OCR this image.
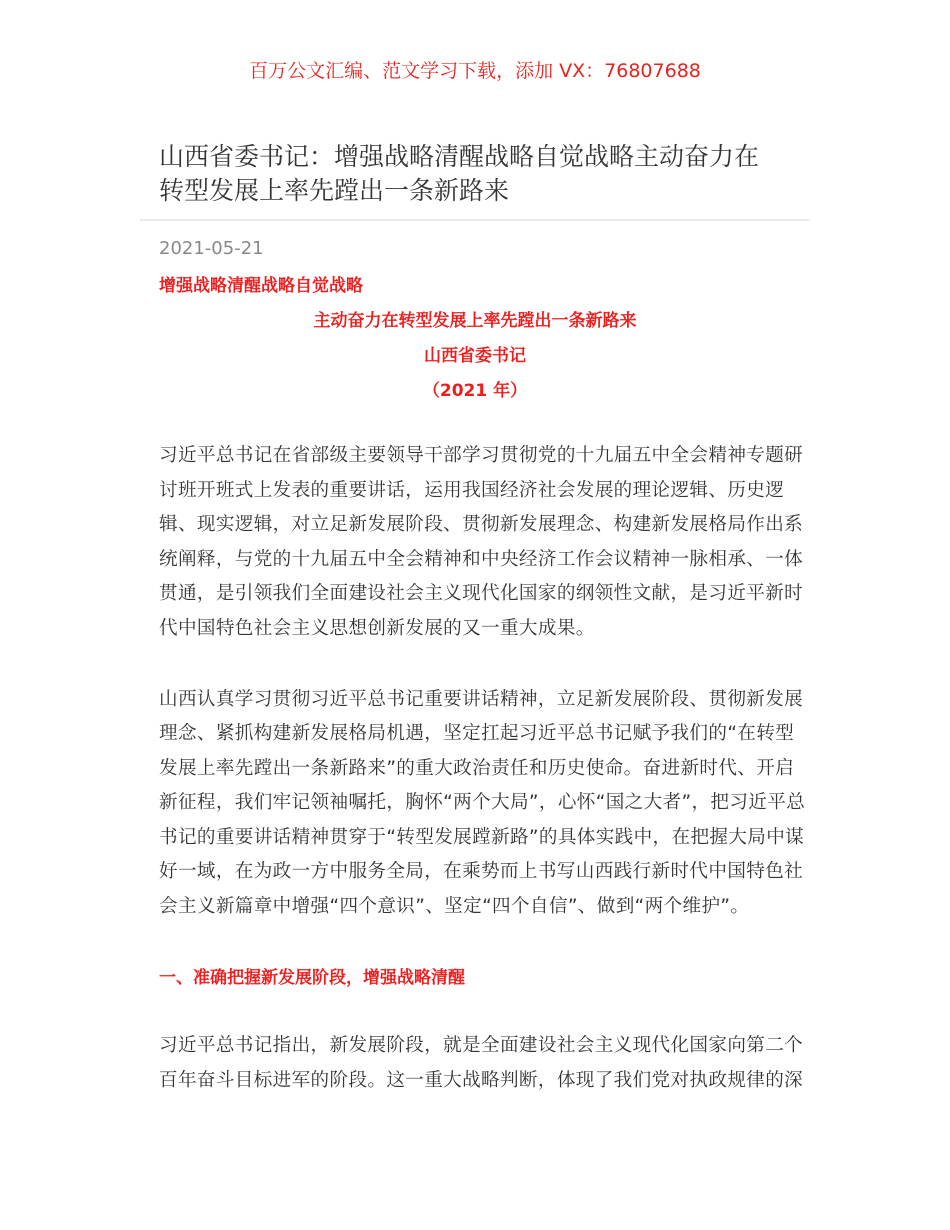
百万公文汇编、范文学习下载，添加 VX：76807688
山西省委书记：增强战略清醒战略自觉战略主动奋力在
转型发展上率先蹚出一条新路来
2021-05-21
增强战略清醒战略自觉战略
主动奋力在转型发展上率先蹚出一条新路来
山西省委书记
（2021 年）
习近平总书记在省部级主要领导干部学习贯彻党的十九届五中全会精神专题研
讨班开班式上发表的重要讲话，运用我国经济社会发展的理论逻辑、历史逻
辑、现实逻辑，对立足新发展阶段、贯彻新发展理念、构建新发展格局作出系
统阐释，与党的十九届五中全会精神和中央经济工作会议精神一脉相承、一体
贯通，是引领我们全面建设社会主义现代化国家的纲领性文献，是习近平新时
代中国特色社会主义思想创新发展的又一重大成果。
山西认真学习贯彻习近平总书记重要讲话精神，立足新发展阶段、贯彻新发展
理念、紧抓构建新发展格局机遇，坚定扛起习近平总书记赋予我们的“在转型
发展上率先蹚出一条新路来”的重大政治责任和历史使命。奋进新时代、开启
新征程，我们牢记领袖嘱托，胸怀“两个大局”，心怀“国之大者”，把习近平总
书记的重要讲话精神贯穿于“转型发展蹚新路”的具体实践中，在把握大局中谋
好一域，在为政一方中服务全局，在乘势而上书写山西践行新时代中国特色社
会主义新篇章中增强“四个意识”、坚定“四个自信”、做到“两个维护”。
一、准确把握新发展阶段，增强战略清醒
习近平总书记指出，新发展阶段，就是全面建设社会主义现代化国家向第二个
百年奋斗目标进军的阶段。这一重大战略判断，体现了我们党对执政规律的深
